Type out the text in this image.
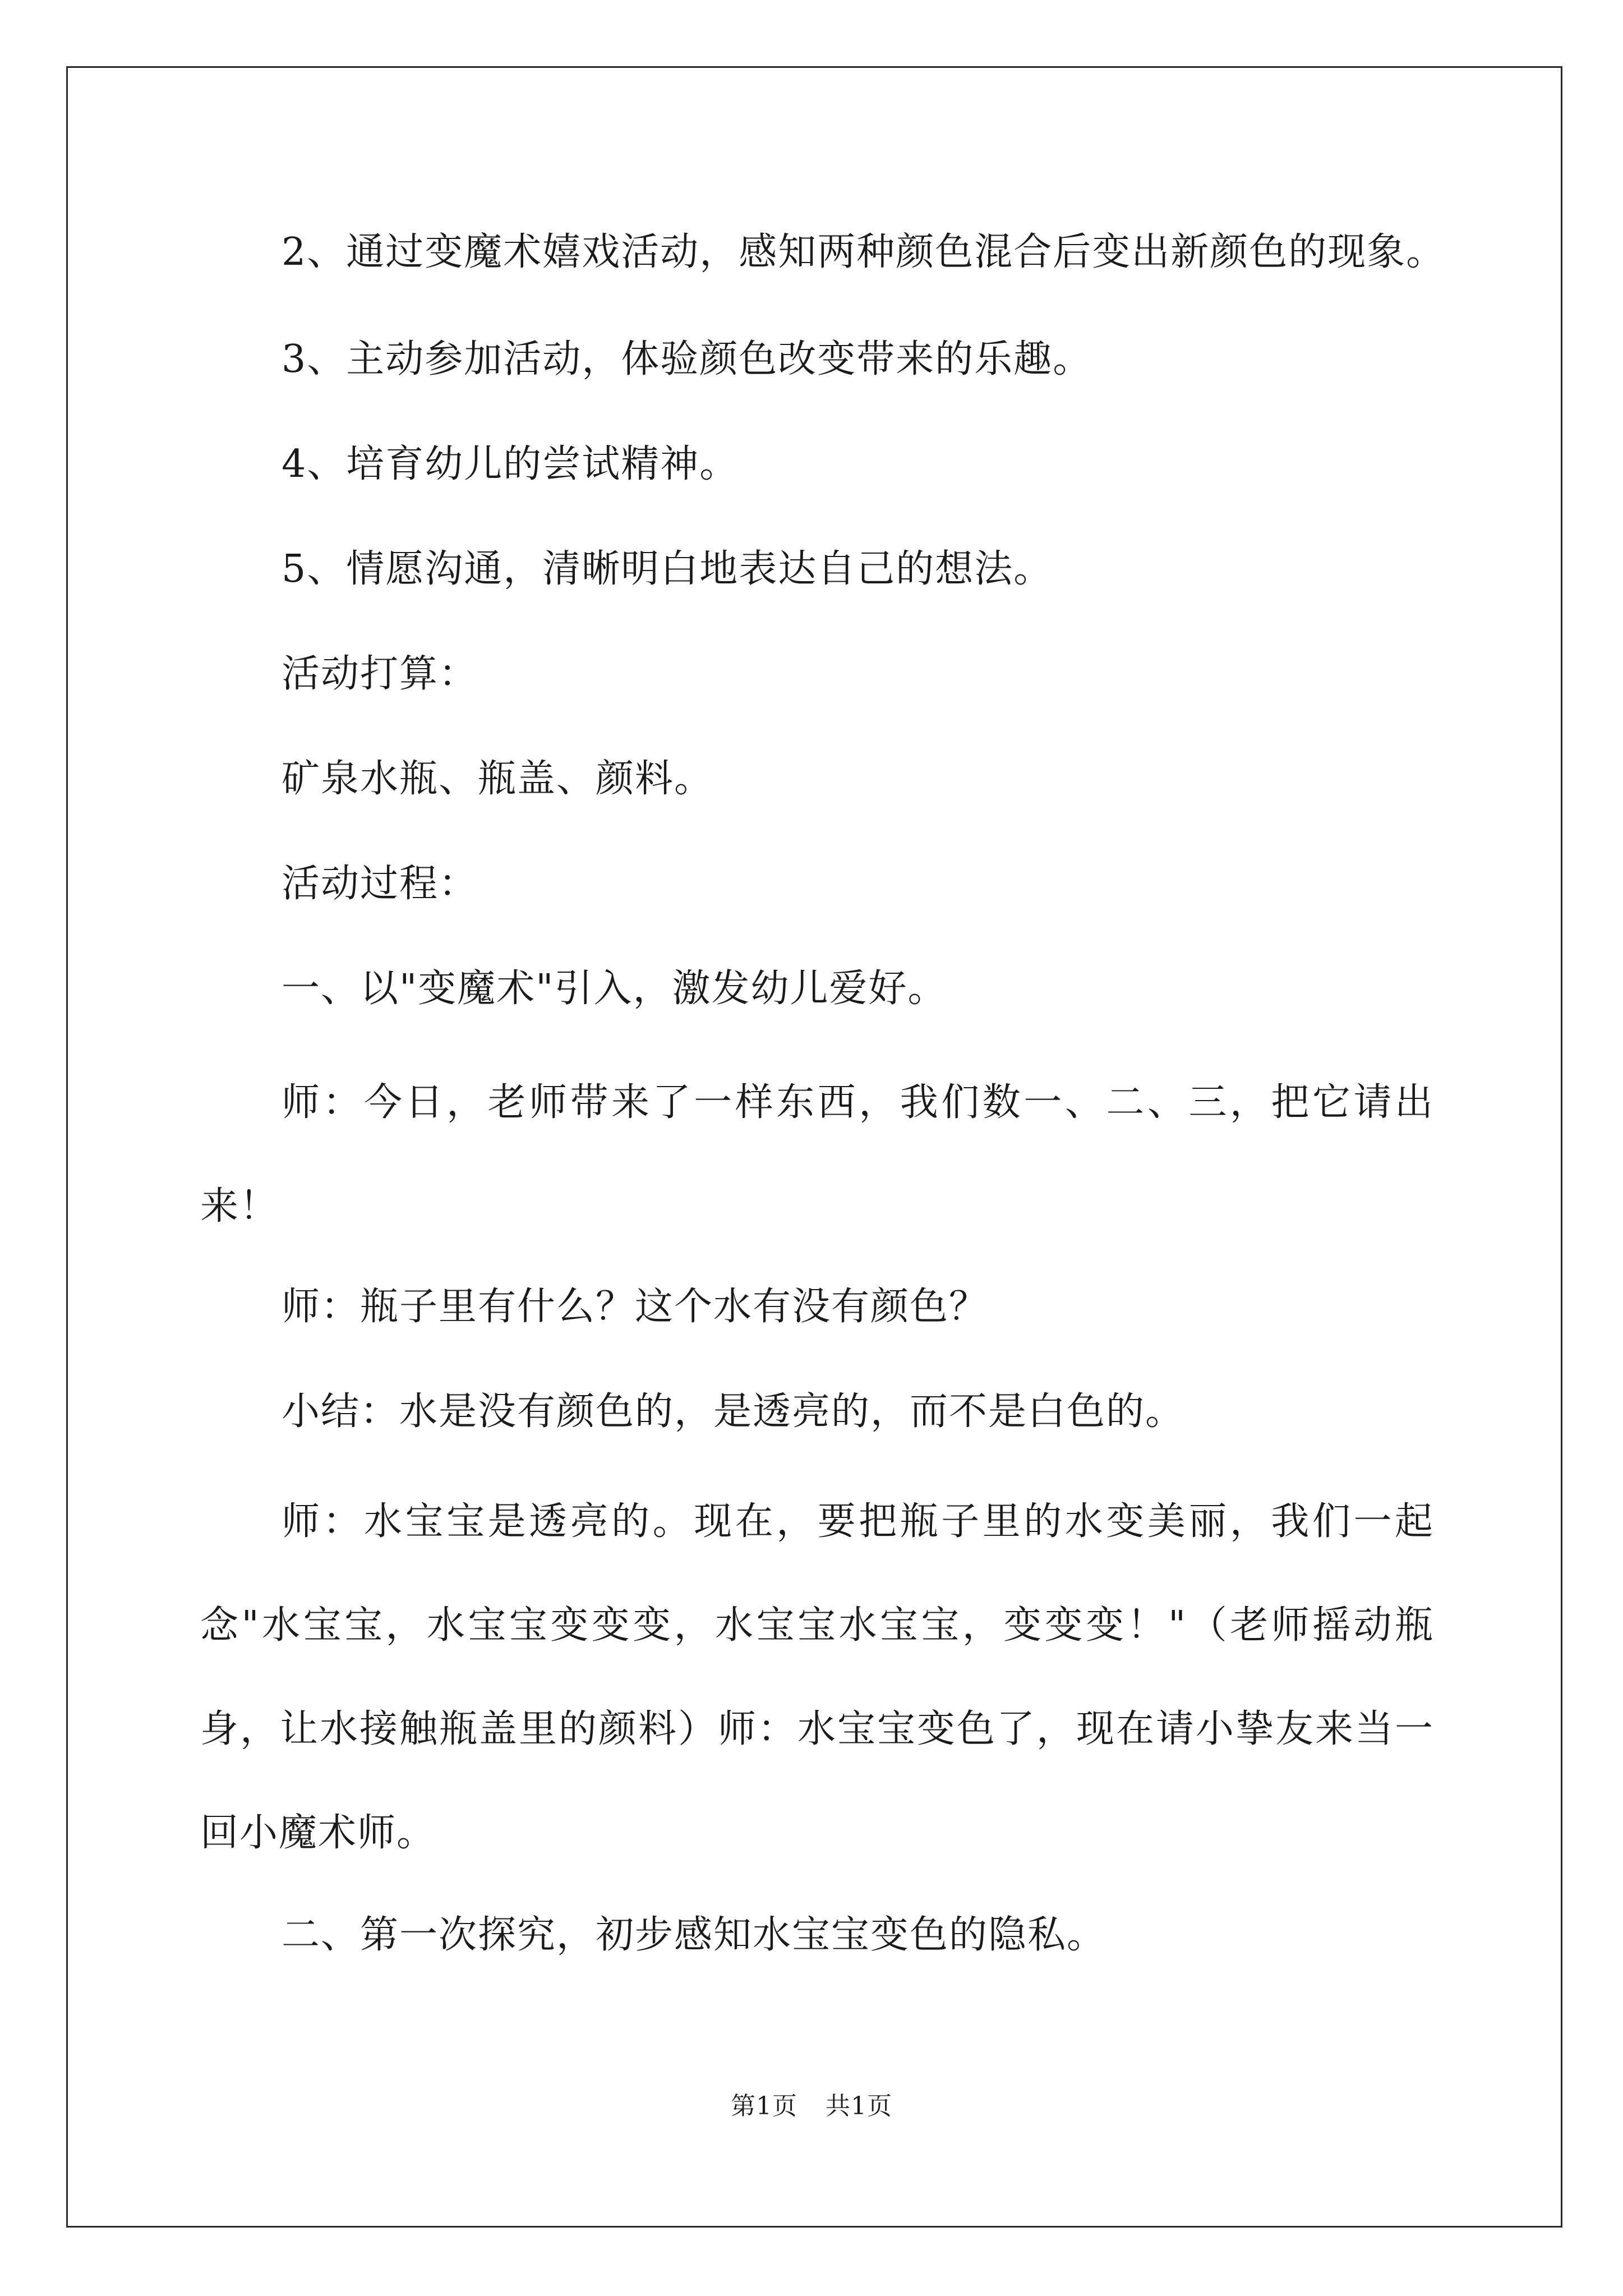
2、通过变魔术嬉戏活动，感知两种颜色混合后变出新颜色的现象。
3、主动参加活动，体验颜色改变带来的乐趣。
4、培育幼儿的尝试精神。
5、情愿沟通，清晰明白地表达自己的想法。
活动打算：
矿泉水瓶、瓶盖、颜料。
活动过程：
一、以"变魔术"引入，激发幼儿爱好。
师：今日，老师带来了一样东西，我们数一、二、三，把它请出来！
师：瓶子里有什么？这个水有没有颜色？
小结：水是没有颜色的，是透亮的，而不是白色的。
师：水宝宝是透亮的。现在，要把瓶子里的水变美丽，我们一起念"水宝宝，水宝宝变变变，水宝宝水宝宝，变变变！"（老师摇动瓶身，让水接触瓶盖里的颜料）师：水宝宝变色了，现在请小挚友来当一回小魔术师。
二、第一次探究，初步感知水宝宝变色的隐私。
第1页 共1页
